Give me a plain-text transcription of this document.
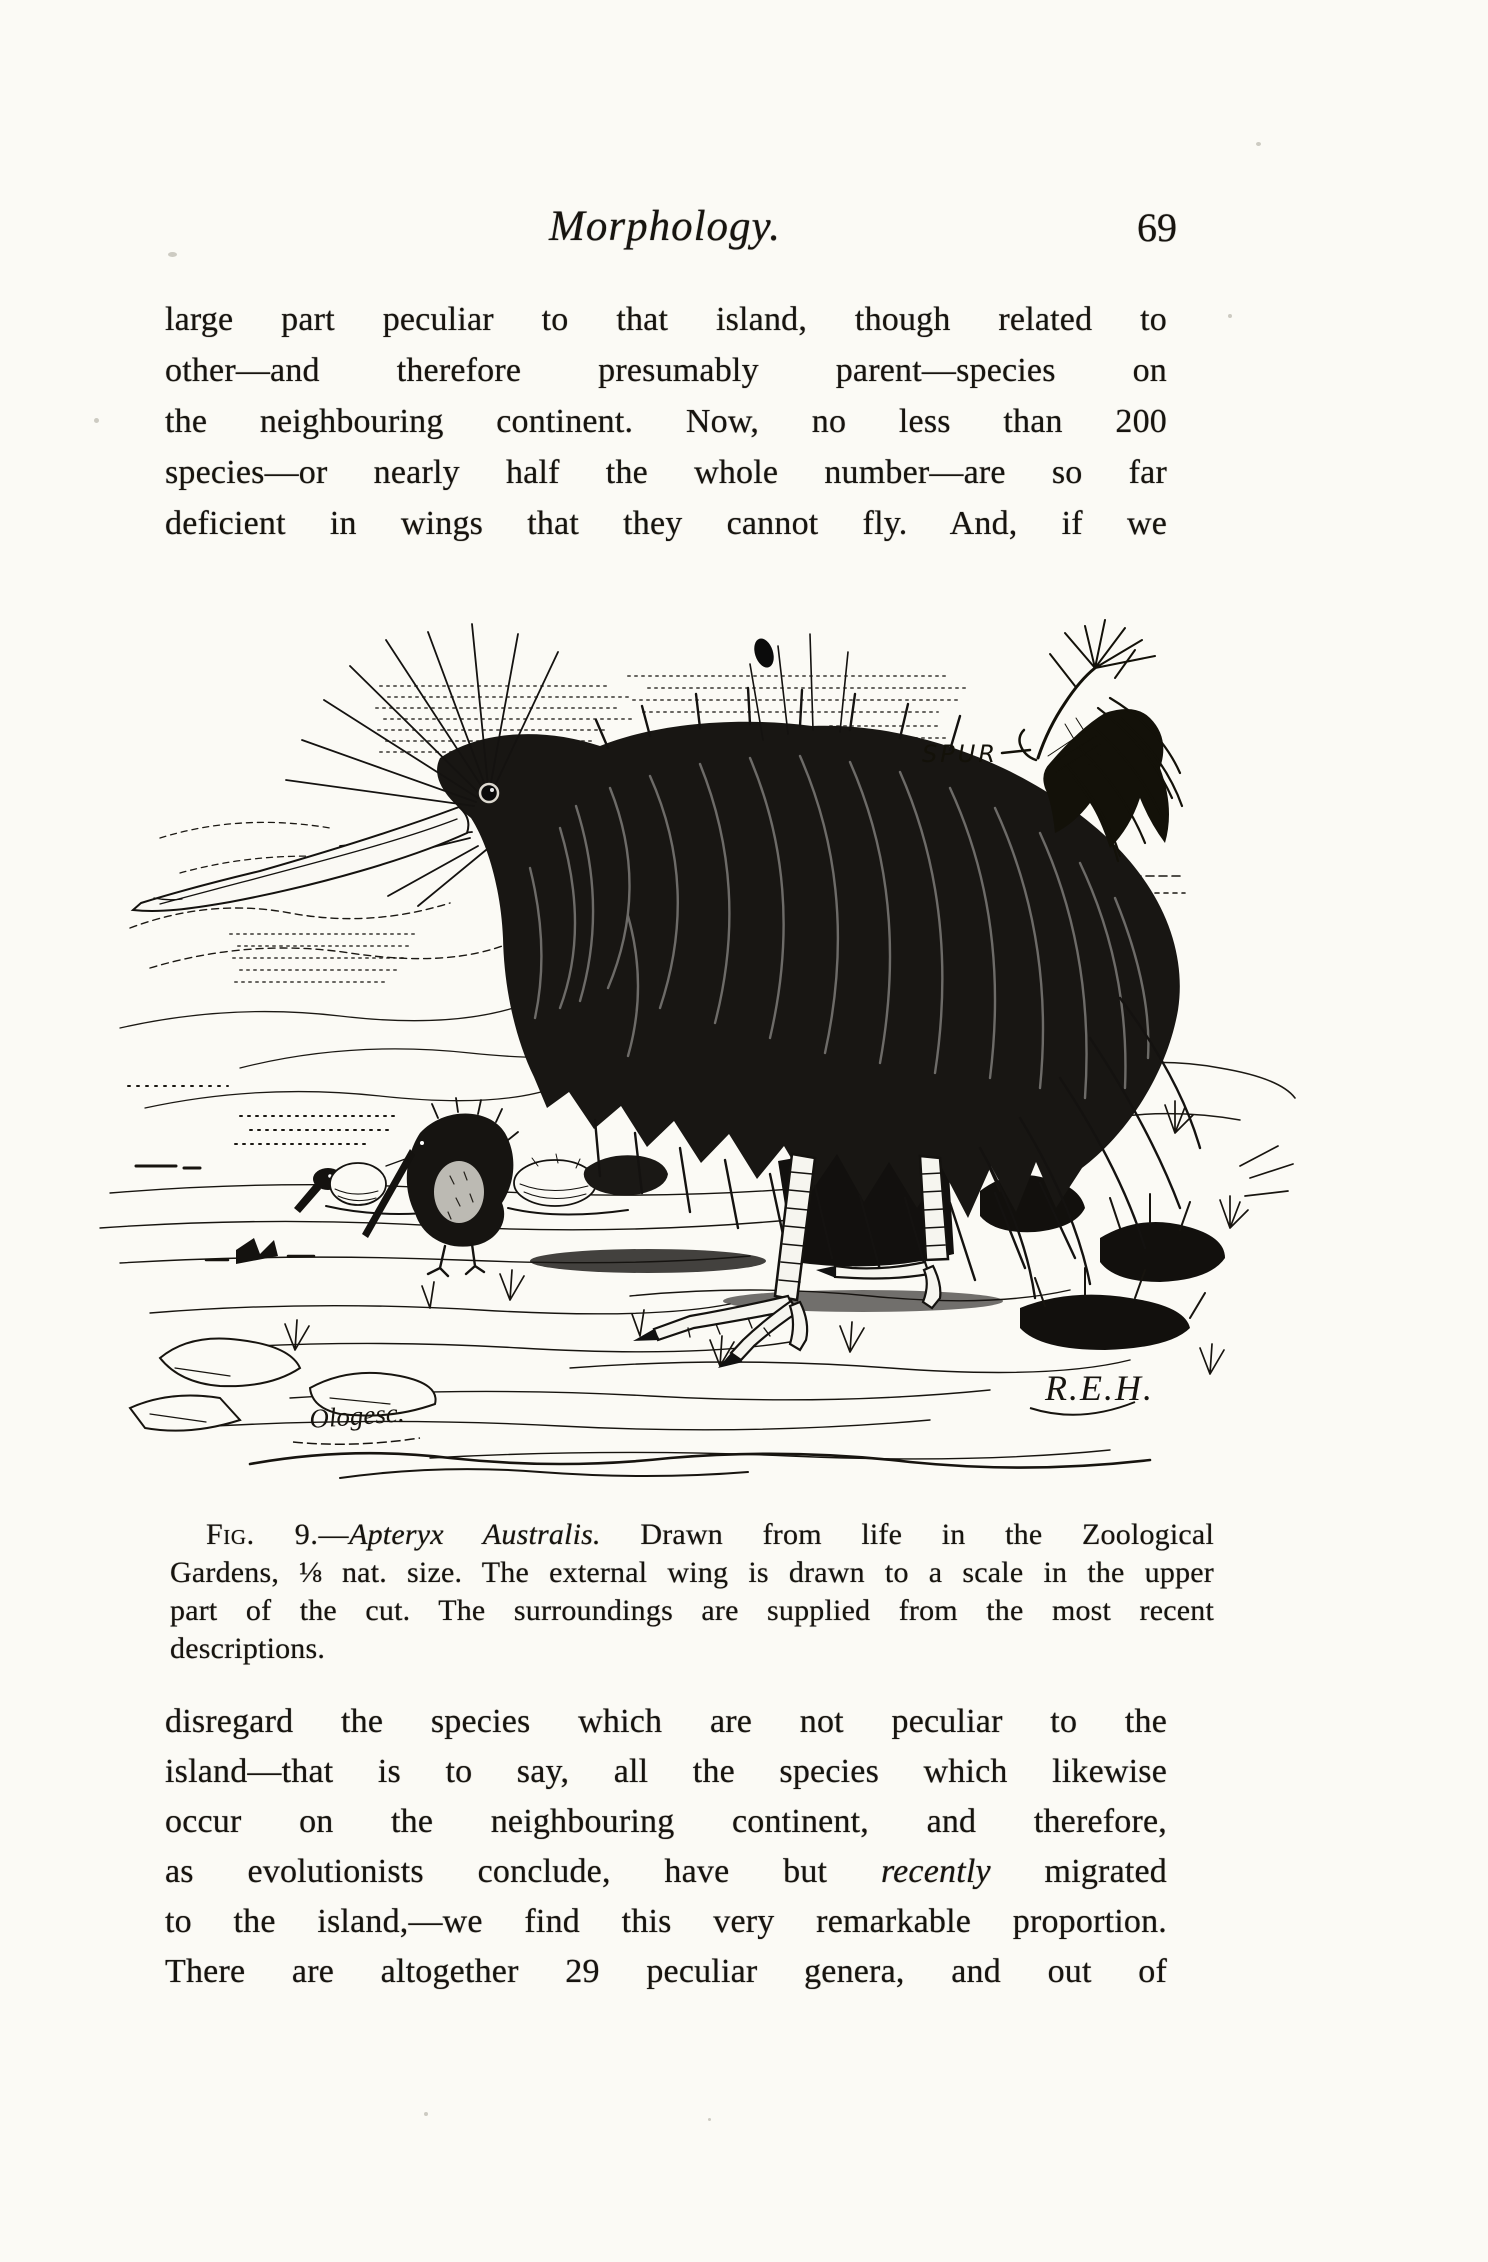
Morphology.	69
large part peculiar to that island, though related to
other—and therefore presumably parent—species on
the neighbouring continent. Now, no less than 200
species—or nearly half the whole number—are so far
deficient in wings that they cannot fly. And, if we
SPUR
R.E.H.
Ologesc.
Fig. 9.—Apteryx Australis. Drawn from life in the Zoological
Gardens, ⅛ nat. size. The external wing is drawn to a scale in the upper
part of the cut. The surroundings are supplied from the most recent
descriptions.
disregard the species which are not peculiar to the
island—that is to say, all the species which likewise
occur on the neighbouring continent, and therefore,
as evolutionists conclude, have but recently migrated
to the island,—we find this very remarkable proportion.
There are altogether 29 peculiar genera, and out of
